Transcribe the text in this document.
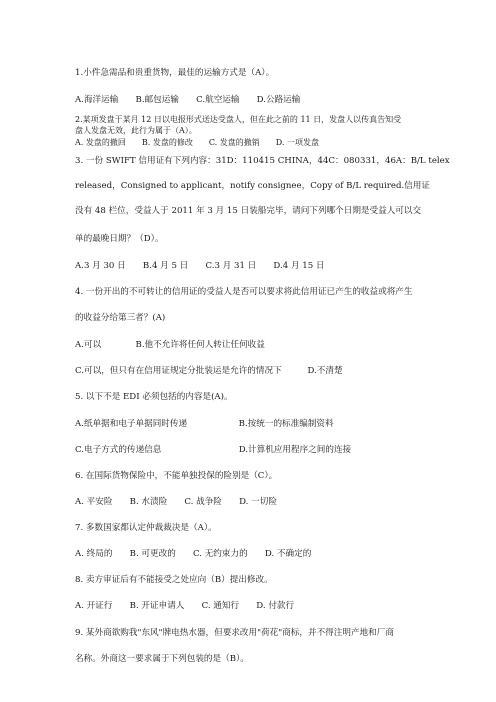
1.小件急需品和贵重货物，最佳的运输方式是（A）。
A.海洋运输　　B.邮包运输　　C.航空运输　　D.公路运输
2.某项发盘于某月 12 日以电报形式送达受盘人，但在此之前的 11 日，发盘人以传真告知受
盘人发盘无效，此行为属于（A）。
A. 发盘的撤回　　B. 发盘的修改　　C. 发盘的撤销　　D. 一项发盘
3. 一份 SWIFT 信用证有下列内容：31D：110415 CHINA，44C：080331，46A：B/L telex
released，Consigned to applicant，notify consignee，Copy of B/L required.信用证
没有 48 栏位，受益人于 2011 年 3 月 15 日装船完毕，请问下列哪个日期是受益人可以交
单的最晚日期？（D）。
A.3 月 30 日　　B.4 月 5 日　　C.3 月 31 日　　D.4 月 15 日
4. 一份开出的不可转让的信用证的受益人是否可以要求将此信用证已产生的收益或将产生
的收益分给第三者？(A)
A.可以　　　　B.他不允许将任何人转让任何收益
C.可以，但只有在信用证规定分批装运是允许的情况下　　　D.不清楚
5. 以下不是 EDI 必须包括的内容是(A)。
A.纸单据和电子单据同时传递　　　　　　B.按统一的标准编制资料
C.电子方式的传递信息　　　　　　　　　D.计算机应用程序之间的连接
6. 在国际货物保险中，不能单独投保的险别是（C）。
A. 平安险　　B. 水渍险　　C. 战争险　　D. 一切险
7. 多数国家都认定仲裁裁决是（A）。
A. 终局的　　B. 可更改的　　C. 无约束力的　　D. 不确定的
8. 卖方审证后有不能接受之处应向（B）提出修改。
A. 开证行　　B. 开证申请人　　C. 通知行　　D. 付款行
9. 某外商欲购我"东风"牌电热水器，但要求改用"荷花"商标，并不得注明产地和厂商
名称。外商这一要求属于下列包装的是（B）。
